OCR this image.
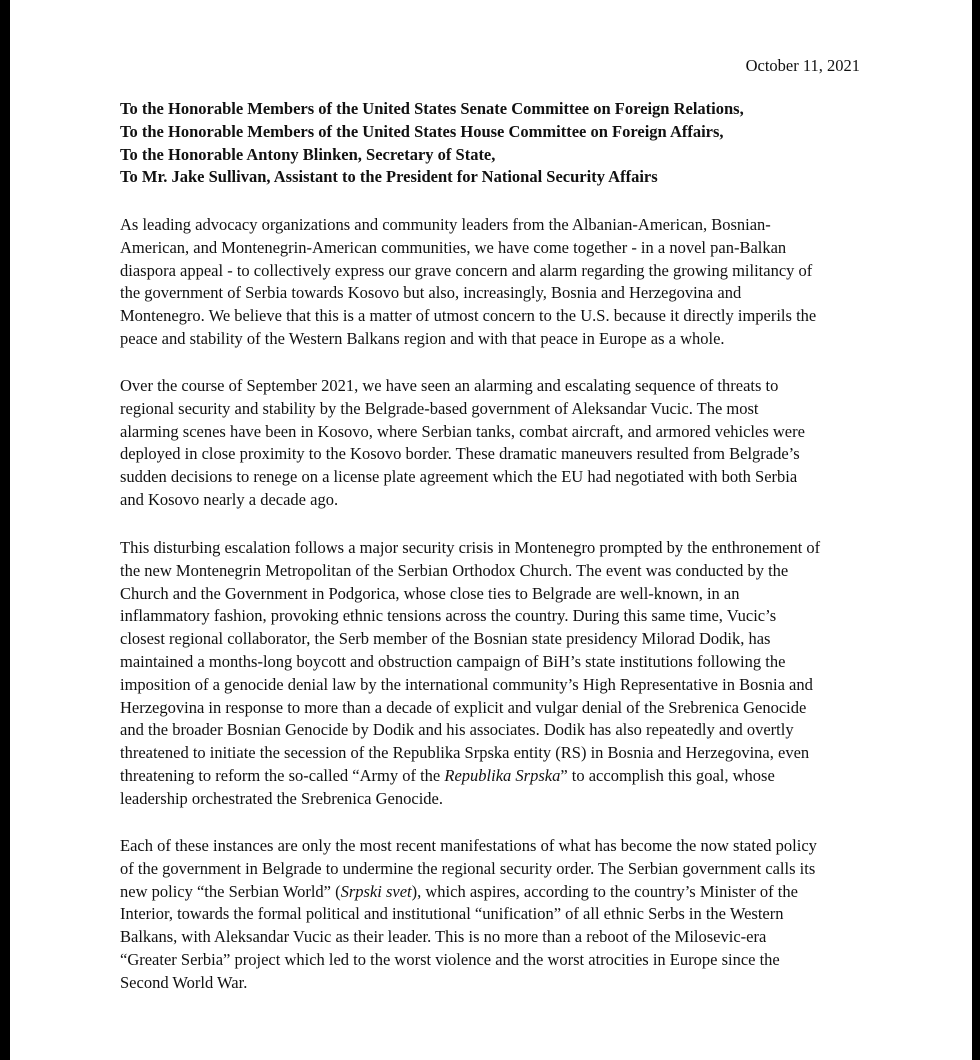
October 11, 2021
To the Honorable Members of the United States Senate Committee on Foreign Relations,
To the Honorable Members of the United States House Committee on Foreign Affairs,
To the Honorable Antony Blinken, Secretary of State,
To Mr. Jake Sullivan, Assistant to the President for National Security Affairs
As leading advocacy organizations and community leaders from the Albanian-American, Bosnian-
American, and Montenegrin-American communities, we have come together - in a novel pan-Balkan
diaspora appeal - to collectively express our grave concern and alarm regarding the growing militancy of
the government of Serbia towards Kosovo but also, increasingly, Bosnia and Herzegovina and
Montenegro. We believe that this is a matter of utmost concern to the U.S. because it directly imperils the
peace and stability of the Western Balkans region and with that peace in Europe as a whole.
Over the course of September 2021, we have seen an alarming and escalating sequence of threats to
regional security and stability by the Belgrade-based government of Aleksandar Vucic. The most
alarming scenes have been in Kosovo, where Serbian tanks, combat aircraft, and armored vehicles were
deployed in close proximity to the Kosovo border. These dramatic maneuvers resulted from Belgrade’s
sudden decisions to renege on a license plate agreement which the EU had negotiated with both Serbia
and Kosovo nearly a decade ago.
This disturbing escalation follows a major security crisis in Montenegro prompted by the enthronement of
the new Montenegrin Metropolitan of the Serbian Orthodox Church. The event was conducted by the
Church and the Government in Podgorica, whose close ties to Belgrade are well-known, in an
inflammatory fashion, provoking ethnic tensions across the country. During this same time, Vucic’s
closest regional collaborator, the Serb member of the Bosnian state presidency Milorad Dodik, has
maintained a months-long boycott and obstruction campaign of BiH’s state institutions following the
imposition of a genocide denial law by the international community’s High Representative in Bosnia and
Herzegovina in response to more than a decade of explicit and vulgar denial of the Srebrenica Genocide
and the broader Bosnian Genocide by Dodik and his associates. Dodik has also repeatedly and overtly
threatened to initiate the secession of the Republika Srpska entity (RS) in Bosnia and Herzegovina, even
threatening to reform the so-called “Army of the Republika Srpska” to accomplish this goal, whose
leadership orchestrated the Srebrenica Genocide.
Each of these instances are only the most recent manifestations of what has become the now stated policy
of the government in Belgrade to undermine the regional security order. The Serbian government calls its
new policy “the Serbian World” (Srpski svet), which aspires, according to the country’s Minister of the
Interior, towards the formal political and institutional “unification” of all ethnic Serbs in the Western
Balkans, with Aleksandar Vucic as their leader. This is no more than a reboot of the Milosevic-era
“Greater Serbia” project which led to the worst violence and the worst atrocities in Europe since the
Second World War.
